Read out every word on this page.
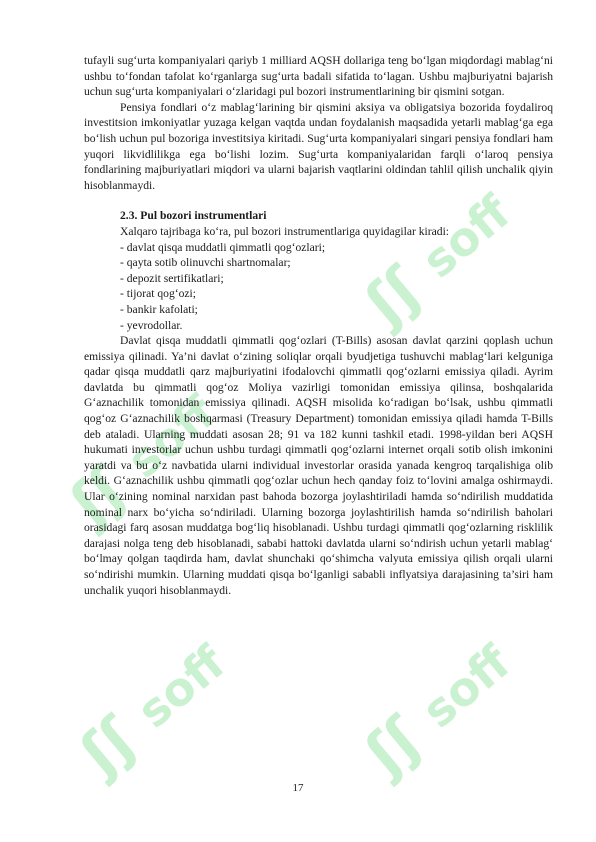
ʃʃ
soff
ʃʃ
soff
ʃʃ
soff
ʃʃ
soff

tufayli sug‘urta kompaniyalari qariyb 1 milliard AQSH dollariga teng bo‘lgan miqdordagi mablag‘ni ushbu to‘fondan tafolat ko‘rganlarga sug‘urta badali sifatida to‘lagan. Ushbu majburiyatni bajarish uchun sug‘urta kompaniyalari o‘zlaridagi pul bozori instrumentlarining bir qismini sotgan.

Pensiya fondlari o‘z mablag‘larining bir qismini aksiya va obligatsiya bozorida foydaliroq investitsion imkoniyatlar yuzaga kelgan vaqtda undan foydalanish maqsadida yetarli mablag‘ga ega bo‘lish uchun pul bozoriga investitsiya kiritadi. Sug‘urta kompaniyalari singari pensiya fondlari ham yuqori likvidlilikga ega bo‘lishi lozim. Sug‘urta kompaniyalaridan farqli o‘laroq pensiya fondlarining majburiyatlari miqdori va ularni bajarish vaqtlarini oldindan tahlil qilish unchalik qiyin hisoblanmaydi.

2.3. Pul bozori instrumentlari

Xalqaro tajribaga ko‘ra, pul bozori instrumentlariga quyidagilar kiradi:

- davlat qisqa muddatli qimmatli qog‘ozlari;
- qayta sotib olinuvchi shartnomalar;
- depozit sertifikatlari;
- tijorat qog‘ozi;
- bankir kafolati;
- yevrodollar.

Davlat qisqa muddatli qimmatli qog‘ozlari (T-Bills) asosan davlat qarzini qoplash uchun emissiya qilinadi. Ya’ni davlat o‘zining soliqlar orqali byudjetiga tushuvchi mablag‘lari kelguniga qadar qisqa muddatli qarz majburiyatini ifodalovchi qimmatli qog‘ozlarni emissiya qiladi. Ayrim davlatda bu qimmatli qog‘oz Moliya vazirligi tomonidan emissiya qilinsa, boshqalarida G‘aznachilik tomonidan emissiya qilinadi. AQSH misolida ko‘radigan bo‘lsak, ushbu qimmatli qog‘oz G‘aznachilik boshqarmasi (Treasury Department) tomonidan emissiya qiladi hamda T-Bills deb ataladi. Ularning muddati asosan 28; 91 va 182 kunni tashkil etadi. 1998-yildan beri AQSH hukumati investorlar uchun ushbu turdagi qimmatli qog‘ozlarni internet orqali sotib olish imkonini yaratdi va bu o‘z navbatida ularni individual investorlar orasida yanada kengroq tarqalishiga olib keldi. G‘aznachilik ushbu qimmatli qog‘ozlar uchun hech qanday foiz to‘lovini amalga oshirmaydi. Ular o‘zining nominal narxidan past bahoda bozorga joylashtiriladi hamda so‘ndirilish muddatida nominal narx bo‘yicha so‘ndiriladi. Ularning bozorga joylashtirilish hamda so‘ndirilish baholari orasidagi farq asosan muddatga bog‘liq hisoblanadi. Ushbu turdagi qimmatli qog‘ozlarning risklilik darajasi nolga teng deb hisoblanadi, sababi hattoki davlatda ularni so‘ndirish uchun yetarli mablag‘ bo‘lmay qolgan taqdirda ham, davlat shunchaki qo‘shimcha valyuta emissiya qilish orqali ularni so‘ndirishi mumkin. Ularning muddati qisqa bo‘lganligi sababli inflyatsiya darajasining ta’siri ham unchalik yuqori hisoblanmaydi.

17
